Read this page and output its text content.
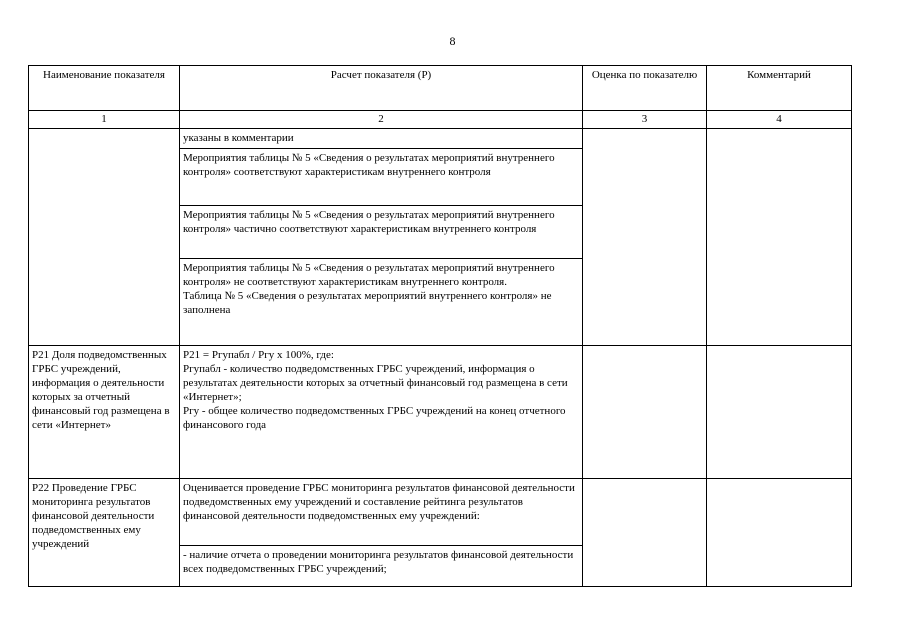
8
Наименование показателя	Расчет показателя (Р)	Оценка по показателю	Комментарий
1	2	3	4
	указаны в комментарии		
	Мероприятия таблицы № 5 «Сведения о результатах мероприятий внутреннего контроля» соответствуют характеристикам внутреннего контроля		
	Мероприятия таблицы № 5 «Сведения о результатах мероприятий внутреннего контроля» частично соответствуют характеристикам внутреннего контроля		

	Мероприятия таблицы № 5 «Сведения о результатах мероприятий внутреннего контроля» не соответствуют характеристикам внутреннего контроля.
Таблица № 5 «Сведения о результатах мероприятий внутреннего контроля» не заполнена		

Р21 Доля подведомственных ГРБС учреждений, информация о деятельности которых за отчетный финансовый год размещена в сети «Интернет»	Р21 = Ргупабл / Ргу х 100%, где:
Ргупабл - количество подведомственных ГРБС учреждений, информация о результатах деятельности которых за отчетный финансовый год размещена в сети «Интернет»;
Ргу - общее количество подведомственных ГРБС учреждений на конец отчетного финансового года		

Р22 Проведение ГРБС мониторинга результатов финансовой деятельности подведомственных ему учреждений	Оценивается проведение ГРБС мониторинга результатов финансовой деятельности подведомственных ему учреждений и составление рейтинга результатов финансовой деятельности подведомственных ему учреждений:		
	- наличие отчета о проведении мониторинга результатов финансовой деятельности всех подведомственных ГРБС учреждений;		
